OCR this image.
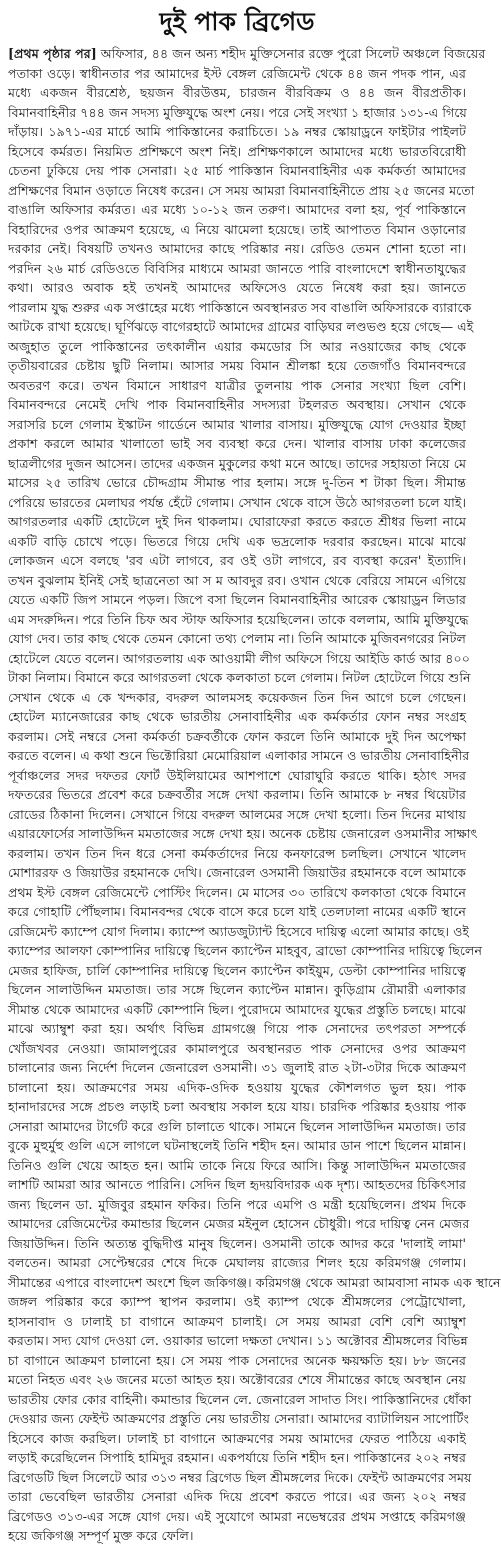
দুই পাক ব্রিগেড
[প্রথম পৃষ্ঠার পর] অফিসার, ৪৪ জন অন্য শহীদ মুক্তিসেনার রক্তে পুরো সিলেট অঞ্চলে বিজয়ের
পতাকা ওড়ে। স্বাধীনতার পর আমাদের ইস্ট বেঙ্গল রেজিমেন্ট থেকে ৪৪ জন পদক পান, এর
মধ্যে একজন বীরশ্রেষ্ঠ, ছয়জন বীরউত্তম, চারজন বীরবিক্রম ও ৪৪ জন বীরপ্রতীক।
বিমানবাহিনীর ৭৪৪ জন সদস্য মুক্তিযুদ্ধে অংশ নেয়। পরে সেই সংখ্যা ১ হাজার ১৩১-এ গিয়ে
দাঁড়ায়। ১৯৭১-এর মার্চে আমি পাকিস্তানের করাচিতে। ১৯ নম্বর স্কোয়াড্রনে ফাইটার পাইলট
হিসেবে কর্মরত। নিয়মিত প্রশিক্ষণে অংশ নিই। প্রশিক্ষণকালে আমাদের মধ্যে ভারতবিরোধী
চেতনা ঢুকিয়ে দেয় পাক সেনারা। ২৫ মার্চ পাকিস্তান বিমানবাহিনীর এক কর্মকর্তা আমাদের
প্রশিক্ষণের বিমান ওড়াতে নিষেধ করেন। সে সময় আমরা বিমানবাহিনীতে প্রায় ২৫ জনের মতো
বাঙালি অফিসার কর্মরত। এর মধ্যে ১০-১২ জন তরুণ। আমাদের বলা হয়, পূর্ব পাকিস্তানে
বিহারিদের ওপর আক্রমণ হয়েছে, এ নিয়ে ঝামেলা হয়েছে। তাই আপাতত বিমান ওড়ানোর
দরকার নেই। বিষয়টি তখনও আমাদের কাছে পরিষ্কার নয়। রেডিও তেমন শোনা হতো না।
পরদিন ২৬ মার্চ রেডিওতে বিবিসির মাধ্যমে আমরা জানতে পারি বাংলাদেশে স্বাধীনতাযুদ্ধের
কথা। আরও অবাক হই তখনই আমাদের অফিসেও যেতে নিষেধ করা হয়। জানতে
পারলাম যুদ্ধ শুরুর এক সপ্তাহের মধ্যে পাকিস্তানে অবস্থানরত সব বাঙালি অফিসারকে ব্যারাকে
আটকে রাখা হয়েছে। ঘূর্ণিঝড়ে বাগেরহাটে আমাদের গ্রামের বাড়িঘর লণ্ডভণ্ড হয়ে গেছে— এই
অজুহাত তুলে পাকিস্তানের তৎকালীন এয়ার কমডোর সি আর নওয়াজের কাছ থেকে
তৃতীয়বারের চেষ্টায় ছুটি নিলাম। আসার সময় বিমান শ্রীলঙ্কা হয়ে তেজগাঁও বিমানবন্দরে
অবতরণ করে। তখন বিমানে সাধারণ যাত্রীর তুলনায় পাক সেনার সংখ্যা ছিল বেশি।
বিমানবন্দরে নেমেই দেখি পাক বিমানবাহিনীর সদস্যরা টহলরত অবস্থায়। সেখান থেকে
সরাসরি চলে গেলাম ইস্কাটন গার্ডেনে আমার খালার বাসায়। মুক্তিযুদ্ধে যোগ দেওয়ার ইচ্ছা
প্রকাশ করলে আমার খালাতো ভাই সব ব্যবস্থা করে দেন। খালার বাসায় ঢাকা কলেজের
ছাত্রলীগের দুজন আসেন। তাদের একজন মুকুলের কথা মনে আছে। তাদের সহায়তা নিয়ে মে
মাসের ২৫ তারিখ ভোরে চৌদ্দগ্রাম সীমান্ত পার হলাম। সঙ্গে দু-তিন শ টাকা ছিল। সীমান্ত
পেরিয়ে ভারতের মেলাঘর পর্যন্ত হেঁটে গেলাম। সেখান থেকে বাসে উঠে আগরতলা চলে যাই।
আগরতলার একটি হোটেলে দুই দিন থাকলাম। ঘোরাফেরা করতে করতে শ্রীধর ভিলা নামে
একটি বাড়ি চোখে পড়ে। ভিতরে গিয়ে দেখি এক ভদ্রলোক দরবার করছেন। মাঝে মাঝে
লোকজন এসে বলছে 'রব এটা লাগবে, রব ওই ওটা লাগবে, রব ব্যবস্থা করেন' ইত্যাদি।
তখন বুঝলাম ইনিই সেই ছাত্রনেতা আ স ম আবদুর রব। ওখান থেকে বেরিয়ে সামনে এগিয়ে
যেতে একটি জিপ সামনে পড়ল। জিপে বসা ছিলেন বিমানবাহিনীর আরেক স্কোয়াড্রন লিডার
এম সদরুদ্দিন। পরে তিনি চিফ অব স্টাফ অফিসার হয়েছিলেন। তাকে বললাম, আমি মুক্তিযুদ্ধে
যোগ দেব। তার কাছ থেকে তেমন কোনো তথ্য পেলাম না। তিনি আমাকে মুজিবনগরের নিটল
হোটেলে যেতে বলেন। আগরতলায় এক আওয়ামী লীগ অফিসে গিয়ে আইডি কার্ড আর ৪০০
টাকা নিলাম। বিমানে করে আগরতলা থেকে কলকাতা চলে গেলাম। নিটল হোটেলে গিয়ে শুনি
সেখান থেকে এ কে খন্দকার, বদরুল আলমসহ কয়েকজন তিন দিন আগে চলে গেছেন।
হোটেল ম্যানেজারের কাছ থেকে ভারতীয় সেনাবাহিনীর এক কর্মকর্তার ফোন নম্বর সংগ্রহ
করলাম। সেই নম্বরে সেনা কর্মকর্তা চক্রবর্তীকে ফোন করলে তিনি আমাকে দুই দিন অপেক্ষা
করতে বলেন। এ কথা শুনে ভিক্টোরিয়া মেমোরিয়াল এলাকার সামনে ও ভারতীয় সেনাবাহিনীর
পূর্বাঞ্চলের সদর দফতর ফোর্ট উইলিয়ামের আশপাশে ঘোরাঘুরি করতে থাকি। হঠাৎ সদর
দফতরের ভিতরে প্রবেশ করে চক্রবর্তীর সঙ্গে দেখা করলাম। তিনি আমাকে ৮ নম্বর থিয়েটার
রোডের ঠিকানা দিলেন। সেখানে গিয়ে বদরুল আলমের সঙ্গে দেখা হলো। তিন দিনের মাথায়
এয়ারফোর্সের সালাউদ্দিন মমতাজের সঙ্গে দেখা হয়। অনেক চেষ্টায় জেনারেল ওসমানীর সাক্ষাৎ
করলাম। তখন তিন দিন ধরে সেনা কর্মকর্তাদের নিয়ে কনফারেন্স চলছিল। সেখানে খালেদ
মোশাররফ ও জিয়াউর রহমানকে দেখি। জেনারেল ওসমানী জিয়াউর রহমানকে বলে আমাকে
প্রথম ইস্ট বেঙ্গল রেজিমেন্টে পোস্টিং দিলেন। মে মাসের ৩০ তারিখে কলকাতা থেকে বিমানে
করে গোহাটি পৌঁছলাম। বিমানবন্দর থেকে বাসে করে চলে যাই তেলঢালা নামের একটি স্থানে
রেজিমেন্ট ক্যাম্পে যোগ দিলাম। ক্যাম্পে অ্যাডজুট্যান্ট হিসেবে দায়িত্ব এলো আমার কাছে। ওই
ক্যাম্পের আলফা কোম্পানির দায়িত্বে ছিলেন ক্যাপ্টেন মাহবুব, ব্রাভো কোম্পানির দায়িত্বে ছিলেন
মেজর হাফিজ, চার্লি কোম্পানির দায়িত্বে ছিলেন ক্যাপ্টেন কাইয়ুম, ডেল্টা কোম্পানির দায়িত্বে
ছিলেন সালাউদ্দিন মমতাজ। তার সঙ্গে ছিলেন ক্যাপ্টেন মান্নান। কুড়িগ্রাম রৌমারী এলাকার
সীমান্ত থেকে আমাদের একটি কোম্পানি ছিল। পুরোদমে আমাদের যুদ্ধের প্রস্তুতি চলছে। মাঝে
মাঝে অ্যাম্বুশ করা হয়। অর্থাৎ বিভিন্ন গ্রামগঞ্জে গিয়ে পাক সেনাদের তৎপরতা সম্পর্কে
খোঁজখবর নেওয়া। জামালপুরের কামালপুরে অবস্থানরত পাক সেনাদের ওপর আক্রমণ
চালানোর জন্য নির্দেশ দিলেন জেনারেল ওসমানী। ৩১ জুলাই রাত ২টা-৩টার দিকে আক্রমণ
চালানো হয়। আক্রমণের সময় এদিক-ওদিক হওয়ায় যুদ্ধের কৌশলগত ভুল হয়। পাক
হানাদারদের সঙ্গে প্রচণ্ড লড়াই চলা অবস্থায় সকাল হয়ে যায়। চারদিক পরিষ্কার হওয়ায় পাক
সেনারা আমাদের টার্গেট করে গুলি চালাতে থাকে। সামনে ছিলেন সালাউদ্দিন মমতাজ। তার
বুকে মুহুর্মুহু গুলি এসে লাগলে ঘটনাস্থলেই তিনি শহীদ হন। আমার ডান পাশে ছিলেন মান্নান।
তিনিও গুলি খেয়ে আহত হন। আমি তাকে নিয়ে ফিরে আসি। কিন্তু সালাউদ্দিন মমতাজের
লাশটি আমরা আর আনতে পারিনি। সেদিন ছিল হৃদয়বিদারক এক দৃশ্য। আহতদের চিকিৎসার
জন্য ছিলেন ডা. মুজিবুর রহমান ফকির। তিনি পরে এমপি ও মন্ত্রী হয়েছিলেন। প্রথম দিকে
আমাদের রেজিমেন্টের কমান্ডার ছিলেন মেজর মইনুল হোসেন চৌধুরী। পরে দায়িত্ব নেন মেজর
জিয়াউদ্দিন। তিনি অত্যন্ত বুদ্ধিদীপ্ত মানুষ ছিলেন। ওসমানী তাকে আদর করে 'দালাই লামা'
বলতেন। আমরা সেপ্টেম্বরের শেষে দিকে মেঘালয় রাজ্যের শিলং হয়ে করিমগঞ্জ গেলাম।
সীমান্তের এপারে বাংলাদেশ অংশে ছিল জকিগঞ্জ। করিমগঞ্জ থেকে আমরা আমবাসা নামক এক স্থানে
জঙ্গল পরিষ্কার করে ক্যাম্প স্থাপন করলাম। ওই ক্যাম্প থেকে শ্রীমঙ্গলের পেট্রোখোলা,
হাসনাবাদ ও ঢালাই চা বাগানে আক্রমণ চালাই। সে সময় আমরা বেশি বেশি অ্যাম্বুশ
করতাম। সদ্য যোগ দেওয়া লে. ওয়াকার ভালো দক্ষতা দেখান। ১১ অক্টোবর শ্রীমঙ্গলের বিভিন্ন
চা বাগানে আক্রমণ চালানো হয়। সে সময় পাক সেনাদের অনেক ক্ষয়ক্ষতি হয়। ৮৮ জনের
মতো নিহত এবং ২৬ জনের মতো আহত হয়। অক্টোবরের শেষে সীমান্তের কাছে অবস্থান নেয়
ভারতীয় ফোর কোর বাহিনী। কমান্ডার ছিলেন লে. জেনারেল সাদাত সিং। পাকিস্তানিদের ধোঁকা
দেওয়ার জন্য ফেইন্ট আক্রমণের প্রস্তুতি নেয় ভারতীয় সেনারা। আমাদের ব্যাটালিয়ন সাপোর্টিং
হিসেবে কাজ করছিল। ঢালাই চা বাগানে আক্রমণের সময় আমাদের ফেরত পাঠিয়ে একাই
লড়াই করেছিলেন সিপাহি হামিদুর রহমান। একপর্যায়ে তিনি শহীদ হন। পাকিস্তানের ২০২ নম্বর
ব্রিগেডটি ছিল সিলেটে আর ৩১৩ নম্বর ব্রিগেড ছিল শ্রীমঙ্গলের দিকে। ফেইন্ট আক্রমণের সময়
তারা ভেবেছিল ভারতীয় সেনারা এদিক দিয়ে প্রবেশ করতে পারে। এর জন্য ২০২ নম্বর
ব্রিগেডও ৩১৩-এর সঙ্গে যোগ দেয়। এই সুযোগে আমরা নভেম্বরের প্রথম সপ্তাহে করিমগঞ্জ
হয়ে জকিগঞ্জ সম্পূর্ণ মুক্ত করে ফেলি।
